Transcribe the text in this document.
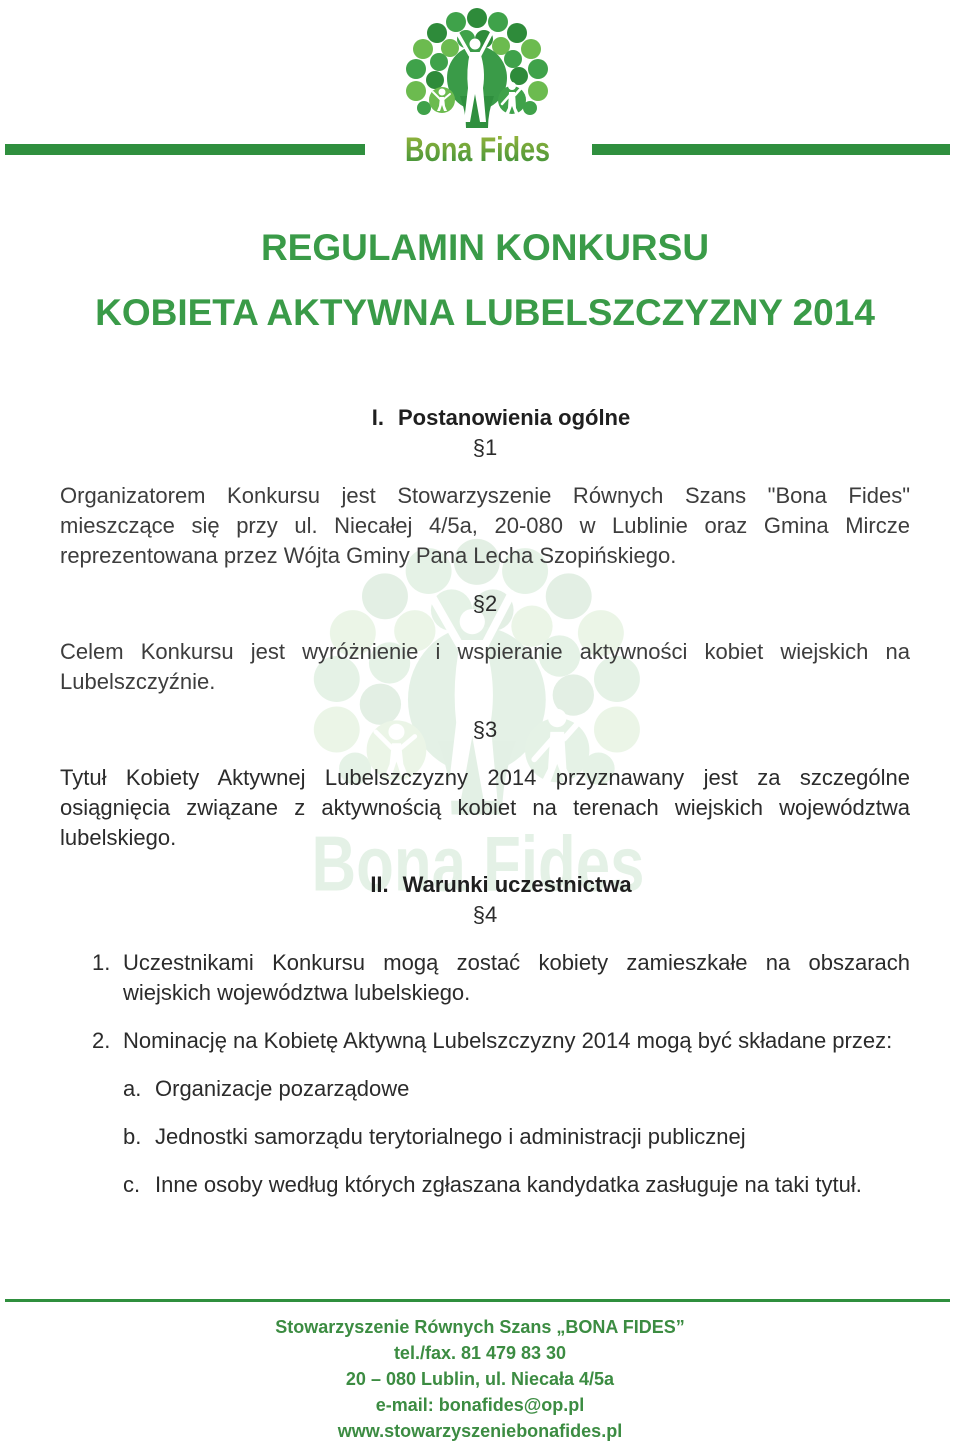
Bona Fides
Bona Fides
REGULAMIN KONKURSU
KOBIETA AKTYWNA LUBELSZCZYZNY 2014
I. Postanowienia ogólne
§1
Organizatorem Konkursu jest Stowarzyszenie Równych Szans "Bona Fides"
mieszczące się przy ul. Niecałej 4/5a, 20-080 w Lublinie oraz Gmina Mircze
reprezentowana przez Wójta Gminy Pana Lecha Szopińskiego.
§2
Celem Konkursu jest wyróżnienie i wspieranie aktywności kobiet wiejskich na
Lubelszczyźnie.
§3
Tytuł Kobiety Aktywnej Lubelszczyzny 2014 przyznawany jest za szczególne
osiągnięcia związane z aktywnością kobiet na terenach wiejskich województwa
lubelskiego.
II. Warunki uczestnictwa
§4
1. Uczestnikami Konkursu mogą zostać kobiety zamieszkałe na obszarach
wiejskich województwa lubelskiego.
2. Nominację na Kobietę Aktywną Lubelszczyzny 2014 mogą być składane przez:
a. Organizacje pozarządowe
b. Jednostki samorządu terytorialnego i administracji publicznej
c. Inne osoby według których zgłaszana kandydatka zasługuje na taki tytuł.
Stowarzyszenie Równych Szans „BONA FIDES”
tel./fax. 81 479 83 30
20 – 080 Lublin, ul. Niecała 4/5a
e-mail: bonafides@op.pl
www.stowarzyszeniebonafides.pl
